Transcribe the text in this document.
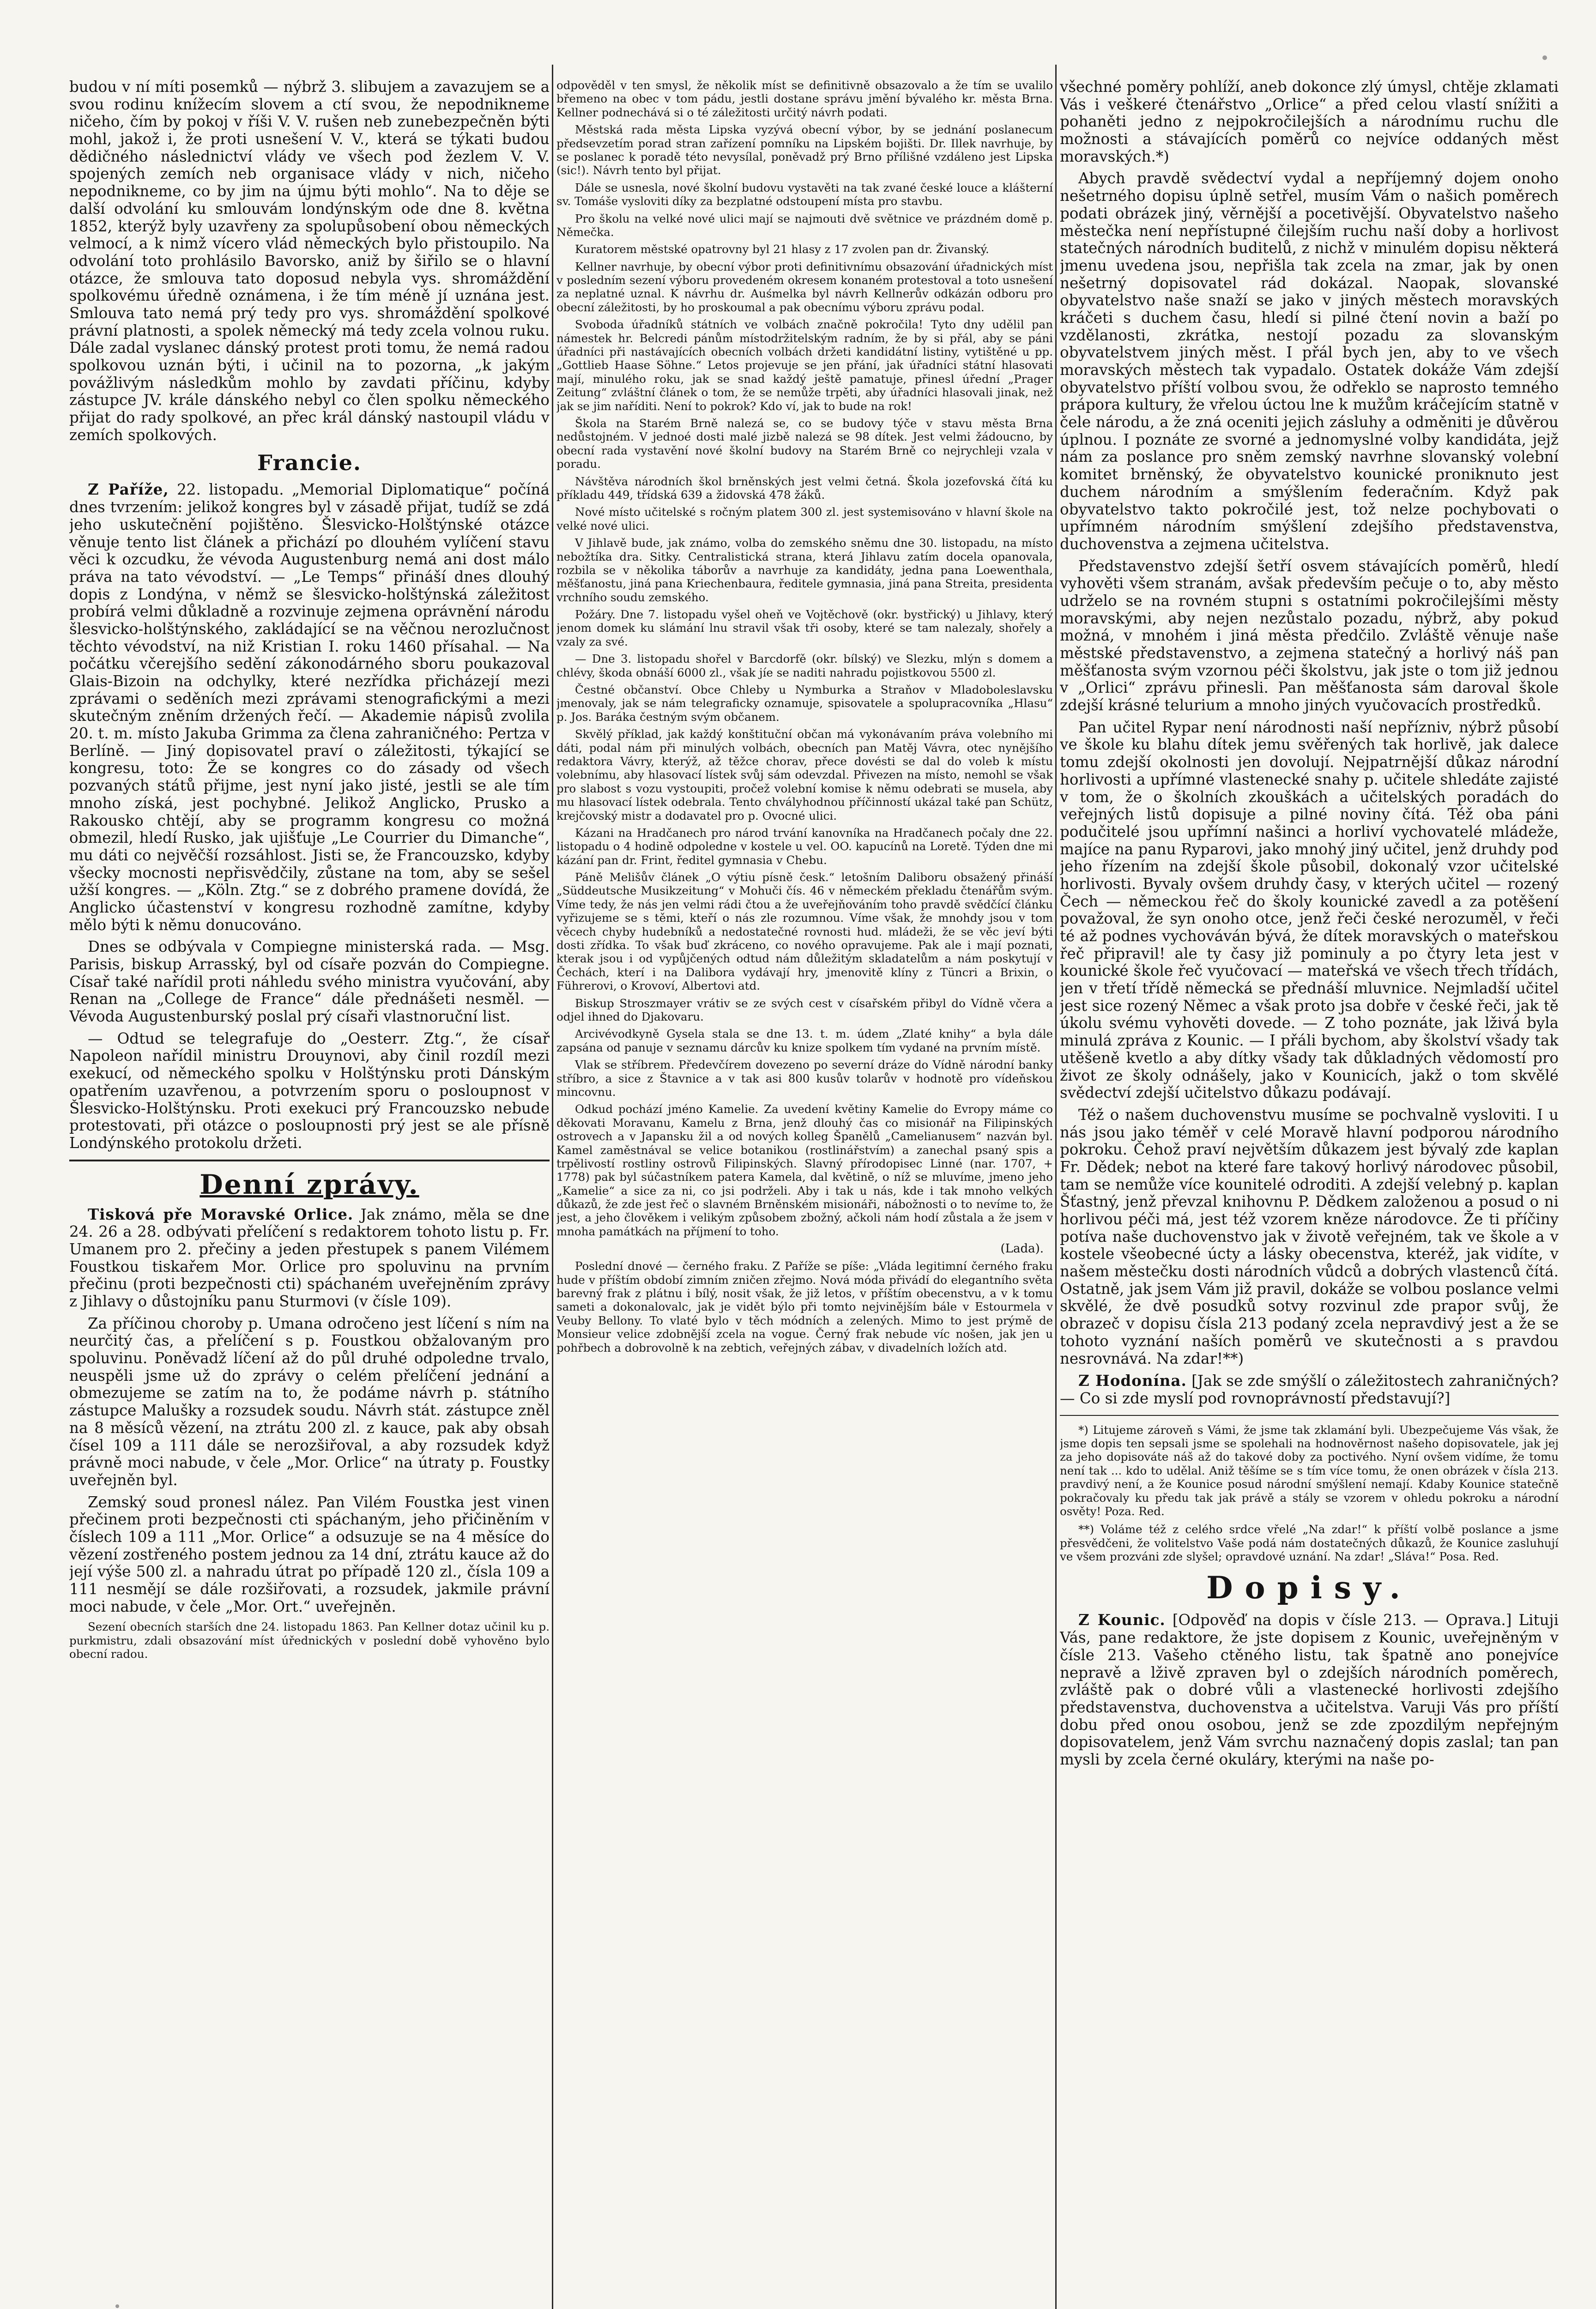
budou v ní míti posemků — nýbrž 3. slibujem a zavazujem se a svou rodinu knížecím slovem a ctí svou, že nepodnikneme ničeho, čím by pokoj v říši V. V. rušen neb zunebezpečněn býti mohl, jakož i, že proti usnešení V. V., která se týkati budou dědičného následnictví vlády ve všech pod žezlem V. V. spojených zemích neb organisace vlády v nich, ničeho nepodnikneme, co by jim na újmu býti mohlo“. Na to děje se další odvolání ku smlouvám londýnským ode dne 8. května 1852, kterýž byly uzavřeny za spolupůsobení obou německých velmocí, a k nimž vícero vlád německých bylo přistoupilo. Na odvolání toto prohlásilo Bavorsko, aniž by šiřilo se o hlavní otázce, že smlouva tato doposud nebyla vys. shromáždění spolkovému úředně oznámena, i že tím méně jí uznána jest. Smlouva tato nemá prý tedy pro vys. shromáždění spolkové právní platnosti, a spolek německý má tedy zcela volnou ruku. Dále zadal vyslanec dánský protest proti tomu, že nemá radou spolkovou uznán býti, i učinil na to pozorna, „k jakým povážlivým následkům mohlo by zavdati příčinu, kdyby zástupce JV. krále dánského nebyl co člen spolku německého přijat do rady spolkové, an přec král dánský nastoupil vládu v zemích spolkových.

Francie.

Z Paříže, 22. listopadu. „Memorial Diplomatique“ počíná dnes tvrzením: jelikož kongres byl v zásadě přijat, tudíž se zdá jeho uskutečnění pojištěno. Šlesvicko-Holštýnské otázce věnuje tento list článek a přichází po dlouhém vylíčení stavu věci k ozcudku, že vévoda Augustenburg nemá ani dost málo práva na tato vévodství. — „Le Temps“ přináší dnes dlouhý dopis z Londýna, v němž se šlesvicko-holštýnská záležitost probírá velmi důkladně a rozvinuje zejmena oprávnění národu šlesvicko-holštýnského, zakládající se na věčnou nerozlučnost těchto vévodství, na niž Kristian I. roku 1460 přísahal. — Na počátku včerejšího sedění zákonodárného sboru poukazoval Glais-Bizoin na odchylky, které nezřídka přicházejí mezi zprávami o seděních mezi zprávami stenografickými a mezi skutečným zněním držených řečí. — Akademie nápisů zvolila 20. t. m. místo Jakuba Grimma za člena zahraničného: Pertza v Berlíně. — Jiný dopisovatel praví o záležitosti, týkající se kongresu, toto: Že se kongres co do zásady od všech pozvaných států přijme, jest nyní jako jisté, jestli se ale tím mnoho získá, jest pochybné. Jelikož Anglicko, Prusko a Rakousko chtějí, aby se programm kongresu co možná obmezil, hledí Rusko, jak ujišťuje „Le Courrier du Dimanche“, mu dáti co nejvěčší rozsáhlost. Jisti se, že Francouzsko, kdyby všecky mocnosti nepřisvědčily, zůstane na tom, aby se sešel užší kongres. — „Köln. Ztg.“ se z dobrého pramene dovídá, že Anglicko účastenství v kongresu rozhodně zamítne, kdyby mělo býti k němu donucováno.

Dnes se odbývala v Compiegne ministerská rada. — Msg. Parisis, biskup Arrasský, byl od císaře pozván do Compiegne. Císař také nařídil proti náhledu svého ministra vyučování, aby Renan na „College de France“ dále přednášeti nesměl. — Vévoda Augustenburský poslal prý císaři vlastnoruční list.

— Odtud se telegrafuje do „Oesterr. Ztg.“, že císař Napoleon nařídil ministru Drouynovi, aby činil rozdíl mezi exekucí, od německého spolku v Holštýnsku proti Dánským opatřením uzavřenou, a potvrzením sporu o posloupnost v Šlesvicko-Holštýnsku. Proti exekuci prý Francouzsko nebude protestovati, při otázce o posloupnosti prý jest se ale přísně Londýnského protokolu držeti.

Denní zprávy.

Tisková pře Moravské Orlice. Jak známo, měla se dne 24. 26 a 28. odbývati přelíčení s redaktorem tohoto listu p. Fr. Umanem pro 2. přečiny a jeden přestupek s panem Vilémem Foustkou tiskařem Mor. Orlice pro spoluvinu na prvním přečinu (proti bezpečnosti cti) spáchaném uveřejněním zprávy z Jihlavy o důstojníku panu Sturmovi (v čísle 109).

Za příčinou choroby p. Umana odročeno jest líčení s ním na neurčitý čas, a přelíčení s p. Foustkou obžalovaným pro spoluvinu. Poněvadž líčení až do půl druhé odpoledne trvalo, neuspěli jsme už do zprávy o celém přelíčení jednání a obmezujeme se zatím na to, že podáme návrh p. státního zástupce Malušky a rozsudek soudu. Návrh stát. zástupce zněl na 8 měsíců vězení, na ztrátu 200 zl. z kauce, pak aby obsah čísel 109 a 111 dále se nerozšiřoval, a aby rozsudek když právně moci nabude, v čele „Mor. Orlice“ na útraty p. Foustky uveřejněn byl.

Zemský soud pronesl nález. Pan Vilém Foustka jest vinen přečinem proti bezpečnosti cti spáchaným, jeho přičiněním v číslech 109 a 111 „Mor. Orlice“ a odsuzuje se na 4 měsíce do vězení zostřeného postem jednou za 14 dní, ztrátu kauce až do její výše 500 zl. a nahradu útrat po případě 120 zl., čísla 109 a 111 nesmějí se dále rozšiřovati, a rozsudek, jakmile právní moci nabude, v čele „Mor. Ort.“ uveřejněn.

Sezení obecních starších dne 24. listopadu 1863. Pan Kellner dotaz učinil ku p. purkmistru, zdali obsazování míst úřednických v poslední době vyhověno bylo obecní radou.

odpověděl v ten smysl, že několik míst se definitivně obsazovalo a že tím se uvalilo břemeno na obec v tom pádu, jestli dostane správu jmění bývalého kr. města Brna. Kellner podnechává si o té záležitosti určitý návrh podati.

Městská rada města Lipska vyzývá obecní výbor, by se jednání poslanecum předsevzetím porad stran zařízení pomníku na Lipském bojišti. Dr. Illek navrhuje, by se poslanec k poradě této nevysílal, poněvadž prý Brno přílišné vzdáleno jest Lipska (sic!). Návrh tento byl přijat.

Dále se usnesla, nové školní budovu vystavěti na tak zvané české louce a klášterní sv. Tomáše vysloviti díky za bezplatné odstoupení místa pro stavbu.

Pro školu na velké nové ulici mají se najmouti dvě světnice ve prázdném domě p. Němečka.

Kuratorem městské opatrovny byl 21 hlasy z 17 zvolen pan dr. Živanský.

Kellner navrhuje, by obecní výbor proti definitivnímu obsazování úřadnických míst v posledním sezení výboru provedeném okresem konaném protestoval a toto usnešení za neplatné uznal. K návrhu dr. Auśmelka byl návrh Kellnerův odkázán odboru pro obecní záležitosti, by ho proskoumal a pak obecnímu výboru zprávu podal.

Svoboda úřadníků státních ve volbách značně pokročila! Tyto dny udělil pan námestek hr. Belcredi pánům místodržitelským radním, že by si přál, aby se páni úřadníci při nastávajících obecních volbách držeti kandidátní listiny, vytištěné u pp. „Gottlieb Haase Söhne.“ Letos projevuje se jen přání, jak úřadníci státní hlasovati mají, minulého roku, jak se snad každý ještě pamatuje, přinesl úřední „Prager Zeitung“ zvláštní článek o tom, že se nemůže trpěti, aby úřadníci hlasovali jinak, než jak se jim naříditi. Není to pokrok? Kdo ví, jak to bude na rok!

Škola na Starém Brně nalezá se, co se budovy týče v stavu města Brna nedůstojném. V jednoé dosti malé jizbě nalezá se 98 dítek. Jest velmi žádoucno, by obecní rada vystavění nové školní budovy na Starém Brně co nejrychleji vzala v poradu.

Návštěva národních škol brněnských jest velmi četná. Škola jozefovská čítá ku příkladu 449, třídská 639 a židovská 478 žáků.

Nové místo učitelské s ročným platem 300 zl. jest systemisováno v hlavní škole na velké nové ulici.

V Jihlavě bude, jak známo, volba do zemského sněmu dne 30. listopadu, na místo nebožtíka dra. Sitky. Centralistická strana, která Jihlavu zatím docela opanovala, rozbila se v několika táborův a navrhuje za kandidáty, jedna pana Loewenthala, měšťanostu, jiná pana Kriechenbaura, ředitele gymnasia, jiná pana Streita, presidenta vrchního soudu zemského.

Požáry. Dne 7. listopadu vyšel oheň ve Vojtěchově (okr. bystřický) u Jihlavy, který jenom domek ku slámání lnu stravil však tři osoby, které se tam nalezaly, shořely a vzaly za své.

— Dne 3. listopadu shořel v Barcdorfě (okr. bílský) ve Slezku, mlýn s domem a chlévy, škoda obnáší 6000 zl., však jíe se naditi nahradu pojistkovou 5500 zl.

Čestné občanství. Obce Chleby u Nymburka a Straňov v Mladoboleslavsku jmenovaly, jak se nám telegraficky oznamuje, spisovatele a spolupracovníka „Hlasu“ p. Jos. Baráka čestným svým občanem.

Skvělý příklad, jak každý konštituční občan má vykonávaním práva volebního mi dáti, podal nám při minulých volbách, obecních pan Matěj Vávra, otec nynějšího redaktora Vávry, kterýž, až těžce chorav, přece dovésti se dal do voleb k místu volebnímu, aby hlasovací lístek svůj sám odevzdal. Přivezen na místo, nemohl se však pro slabost s vozu vystoupiti, pročež volební komise k němu odebrati se musela, aby mu hlasovací lístek odebrala. Tento chvályhodnou příčinností ukázal také pan Schütz, krejčovský mistr a dodavatel pro p. Ovocné ulici.

Kázani na Hradčanech pro národ trvání kanovníka na Hradčanech počaly dne 22. listopadu o 4 hodině odpoledne v kostele u vel. OO. kapucínů na Loretě. Týden dne mi kázání pan dr. Frint, ředitel gymnasia v Chebu.

Páně Melišův článek „O výtiu písně česk.“ letošním Daliboru obsažený přináší „Süddeutsche Musikzeitung“ v Mohuči čís. 46 v německém překladu čtenářům svým. Víme tedy, že nás jen velmi rádi čtou a že uveřejňováním toho pravdě svědčící článku vyřizujeme se s těmi, kteří o nás zle rozumnou. Víme však, že mnohdy jsou v tom věcech chyby hudebníků a nedostatečné rovnosti hud. mládeži, že se věc jeví býti dosti zřídka. To však buď zkráceno, co nového opravujeme. Pak ale i mají poznati, kterak jsou i od vypůjčených odtud nám důležitým skladatelům a nám poskytují v Čechách, kterí i na Dalibora vydávají hry, jmenovitě klíny z Tüncri a Brixin, o Führerovi, o Krovoví, Albertovi atd.

Biskup Stroszmayer vrátiv se ze svých cest v císařském přibyl do Vídně včera a odjel ihned do Djakovaru.

Arcivévodkyně Gysela stala se dne 13. t. m. údem „Zlaté knihy“ a byla dále zapsána od panuje v seznamu dárcův ku knize spolkem tím vydané na prvním místě.

Vlak se stříbrem. Předevčírem dovezeno po severní dráze do Vídně národní banky stříbro, a sice z Štavnice a v tak asi 800 kusův tolarův v hodnotě pro vídeňskou mincovnu.

Odkud pochází jméno Kamelie. Za uvedení květiny Kamelie do Evropy máme co děkovati Moravanu, Kamelu z Brna, jenž dlouhý čas co misionář na Filipinských ostrovech a v Japansku žil a od nových kolleg Španělů „Camelianusem“ nazván byl. Kamel zaměstnával se velice botanikou (rostlinářstvím) a zanechal psaný spis a trpělivostí rostliny ostrovů Filipinských. Slavný přírodopisec Linné (nar. 1707, + 1778) pak byl súčastníkem patera Kamela, dal květině, o níž se mluvíme, jmeno jeho „Kamelie“ a sice za ni, co jsi podrželi. Aby i tak u nás, kde i tak mnoho velkých důkazů, že zde jest řeč o slavném Brněnském misionáři, nábožnosti o to nevíme to, že jest, a jeho člověkem i velikým způsobem zbožný, ačkoli nám hodí zůstala a že jsem v mnoha památkách na příjmení to toho.

(Lada).

Poslední dnové — černého fraku. Z Paříže se píše: „Vláda legitimní černého fraku hude v příštím období zimním zničen zřejmo. Nová móda přivádí do elegantního světa barevný frak z plátnu i bílý, nosit však, že již letos, v příštím obecenstvu, a v k tomu sameti a dokonalovalc, jak je vidět býlo při tomto nejvinějším bále v Estourmela v Veuby Bellony. To vlaté bylo v těch módních a zelených. Mimo to jest prýmě de Monsieur velice zdobnější zcela na vogue. Černý frak nebude víc nošen, jak jen u pohřbech a dobrovolně k na zebtich, veřejných zábav, v divadelních ložích atd.

všechné poměry pohlíží, aneb dokonce zlý úmysl, chtěje zklamati Vás i veškeré čtenářstvo „Orlice“ a před celou vlastí snížiti a pohaněti jedno z nejpokročilejších a národnímu ruchu dle možnosti a stávajících poměrů co nejvíce oddaných měst moravských.*)

Abych pravdě svědectví vydal a nepříjemný dojem onoho nešetrného dopisu úplně setřel, musím Vám o našich poměrech podati obrázek jiný, věrnější a pocetivější. Obyvatelstvo našeho městečka není nepřístupné čilejším ruchu naší doby a horlivost statečných národních buditelů, z nichž v minulém dopisu některá jmenu uvedena jsou, nepřišla tak zcela na zmar, jak by onen nešetrný dopisovatel rád dokázal. Naopak, slovanské obyvatelstvo naše snaží se jako v jiných městech moravských kráčeti s duchem času, hledí si pilné čtení novin a baží po vzdělanosti, zkrátka, nestojí pozadu za slovanským obyvatelstvem jiných měst. I přál bych jen, aby to ve všech moravských městech tak vypadalo. Ostatek dokáže Vám zdejší obyvatelstvo příští volbou svou, že odřeklo se naprosto temného prápora kultury, že vřelou úctou lne k mužům kráčejícím statně v čele národu, a že zná oceniti jejich zásluhy a odměniti je důvěrou úplnou. I poznáte ze svorné a jednomyslné volby kandidáta, jejž nám za poslance pro sněm zemský navrhne slovanský volební komitet brněnský, že obyvatelstvo kounické proniknuto jest duchem národním a smýšlením federačním. Když pak obyvatelstvo takto pokročilé jest, tož nelze pochybovati o upřímném národním smýšlení zdejšího představenstva, duchovenstva a zejmena učitelstva.

Představenstvo zdejší šetří osvem stávajících poměrů, hledí vyhověti všem stranám, avšak především pečuje o to, aby město udrželo se na rovném stupni s ostatními pokročilejšími městy moravskými, aby nejen nezůstalo pozadu, nýbrž, aby pokud možná, v mnohém i jiná města předčilo. Zvláště věnuje naše městské představenstvo, a zejmena statečný a horlivý náš pan měšťanosta svým vzornou péči školstvu, jak jste o tom již jednou v „Orlici“ zprávu přinesli. Pan měšťanosta sám daroval škole zdejší krásné telurium a mnoho jiných vyučovacích prostředků.

Pan učitel Rypar není národnosti naší nepřízniv, nýbrž působí ve škole ku blahu dítek jemu svěřených tak horlivě, jak dalece tomu zdejší okolnosti jen dovolují. Nejpatrnější důkaz národní horlivosti a upřímné vlastenecké snahy p. učitele shledáte zajisté v tom, že o školních zkouškách a učitelských poradách do veřejných listů dopisuje a pilné noviny čítá. Též oba páni podučitelé jsou upřímní našinci a horliví vychovatelé mládeže, majíce na panu Ryparovi, jako mnohý jiný učitel, jenž druhdy pod jeho řízením na zdejší škole působil, dokonalý vzor učitelské horlivosti. Byvaly ovšem druhdy časy, v kterých učitel — rozený Čech — německou řeč do školy kounické zavedl a za potěšení považoval, že syn onoho otce, jenž řeči české nerozuměl, v řeči té až podnes vychováván bývá, že dítek moravských o mateřskou řeč připravil! ale ty časy již pominuly a po čtyry leta jest v kounické škole řeč vyučovací — mateřská ve všech třech třídách, jen v třetí třídě německá se přednáší mluvnice. Nejmladší učitel jest sice rozený Němec a však proto jsa dobře v české řeči, jak tě úkolu svému vyhověti dovede. — Z toho poznáte, jak lživá byla minulá zpráva z Kounic. — I přáli bychom, aby školství všady tak utěšeně kvetlo a aby dítky všady tak důkladných vědomostí pro život ze školy odnášely, jako v Kounicích, jakž o tom skvělé svědectví zdejší učitelstvo důkazu podávají.

Též o našem duchovenstvu musíme se pochvalně vysloviti. I u nás jsou jako téměř v celé Moravě hlavní podporou národního pokroku. Čehož praví největším důkazem jest bývalý zde kaplan Fr. Dědek; nebot na které fare takový horlivý národovec působil, tam se nemůže více kounitelé odroditi. A zdejší velebný p. kaplan Šťastný, jenž převzal knihovnu P. Dědkem založenou a posud o ni horlivou péči má, jest též vzorem kněze národovce. Že ti příčiny potíva naše duchovenstvo jak v životě veřejném, tak ve škole a v kostele všeobecné úcty a lásky obecenstva, kteréž, jak vidíte, v našem městečku dosti národních vůdců a dobrých vlastenců čítá. Ostatně, jak jsem Vám již pravil, dokáže se volbou poslance velmi skvělé, že dvě posudků sotvy rozvinul zde prapor svůj, že obrazeč v dopisu čísla 213 podaný zcela nepravdivý jest a že se tohoto vyznání naších poměrů ve skutečnosti a s pravdou nesrovnává. Na zdar!**)

Z Hodonína. [Jak se zde smýšlí o záležitostech zahraničných? — Co si zde myslí pod rovnoprávností představují?]

*) Litujeme zároveň s Vámi, že jsme tak zklamání byli. Ubezpečujeme Vás však, že jsme dopis ten sepsali jsme se spolehali na hodnověrnost našeho dopisovatele, jak jej za jeho dopisováte náš až do takové doby za poctivého. Nyní ovšem vidíme, že tomu není tak ... kdo to udělal. Aniž těšíme se s tím více tomu, že onen obrázek v čísla 213. pravdivý není, a že Kounice posud národní smýšlení nemají. Kdaby Kounice statečně pokračovaly ku předu tak jak právě a stály se vzorem v ohledu pokroku a národní osvěty! Poza. Red.

**) Voláme též z celého srdce vřelé „Na zdar!“ k příští volbě poslance a jsme přesvědčeni, že volitelstvo Vaše podá nám dostatečných důkazů, že Kounice zasluhují ve všem prozváni zde slyšel; opravdové uznání. Na zdar! „Sláva!“ Posa. Red.

Dopisy.

Z Kounic. [Odpověď na dopis v čísle 213. — Oprava.] Lituji Vás, pane redaktore, že jste dopisem z Kounic, uveřejněným v čísle 213. Vašeho ctěného listu, tak špatně ano ponejvíce nepravě a lživě zpraven byl o zdejších národních poměrech, zvláště pak o dobré vůli a vlastenecké horlivosti zdejšího představenstva, duchovenstva a učitelstva. Varuji Vás pro příští dobu před onou osobou, jenž se zde zpozdilým nepřejným dopisovatelem, jenž Vám svrchu naznačený dopis zaslal; tan pan mysli by zcela černé okuláry, kterými na naše po-
